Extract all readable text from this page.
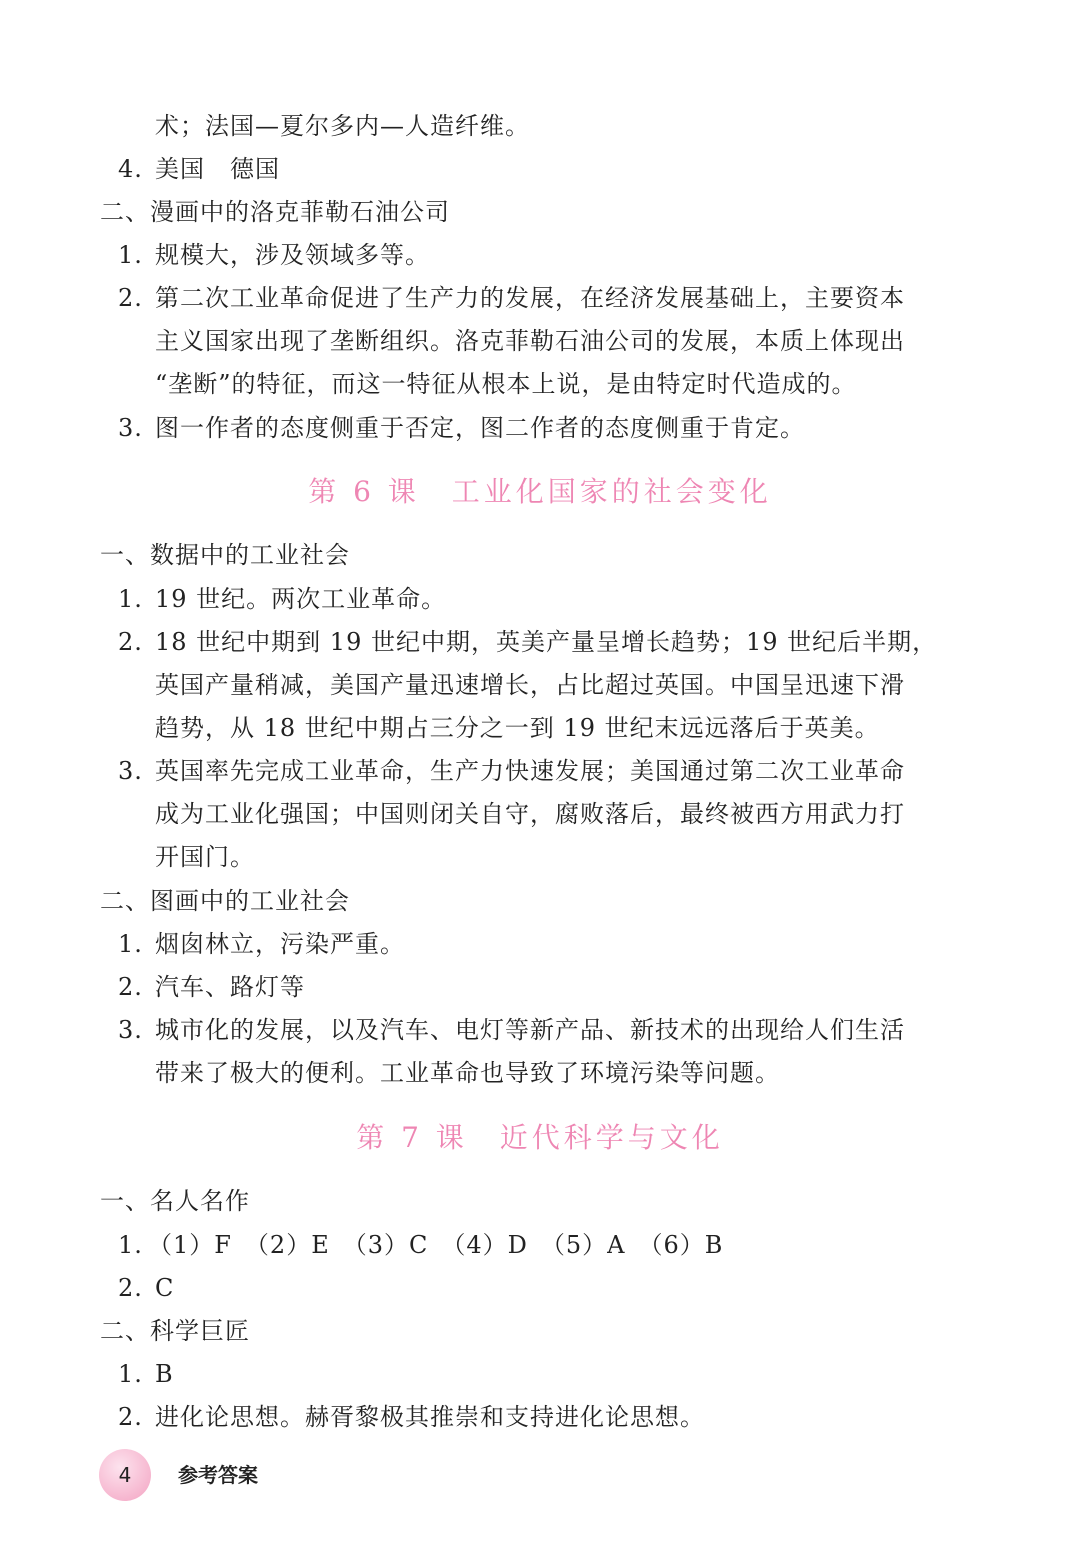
术；法国—夏尔多内—人造纤维。
4. 美国　德国
二、漫画中的洛克菲勒石油公司
1. 规模大，涉及领域多等。
2. 第二次工业革命促进了生产力的发展，在经济发展基础上，主要资本
主义国家出现了垄断组织。洛克菲勒石油公司的发展，本质上体现出
“垄断”的特征，而这一特征从根本上说，是由特定时代造成的。
3. 图一作者的态度侧重于否定，图二作者的态度侧重于肯定。
第 6 课　工业化国家的社会变化
一、数据中的工业社会
1. 19 世纪。两次工业革命。
2. 18 世纪中期到 19 世纪中期，英美产量呈增长趋势；19 世纪后半期，
英国产量稍减，美国产量迅速增长，占比超过英国。中国呈迅速下滑
趋势，从 18 世纪中期占三分之一到 19 世纪末远远落后于英美。
3. 英国率先完成工业革命，生产力快速发展；美国通过第二次工业革命
成为工业化强国；中国则闭关自守，腐败落后，最终被西方用武力打
开国门。
二、图画中的工业社会
1. 烟囱林立，污染严重。
2. 汽车、路灯等
3. 城市化的发展，以及汽车、电灯等新产品、新技术的出现给人们生活
带来了极大的便利。工业革命也导致了环境污染等问题。
第 7 课　近代科学与文化
一、名人名作
1. （1）F　（2）E　（3）C　（4）D　（5）A　（6）B
2. C
二、科学巨匠
1. B
2. 进化论思想。赫胥黎极其推崇和支持进化论思想。
4	参考答案
